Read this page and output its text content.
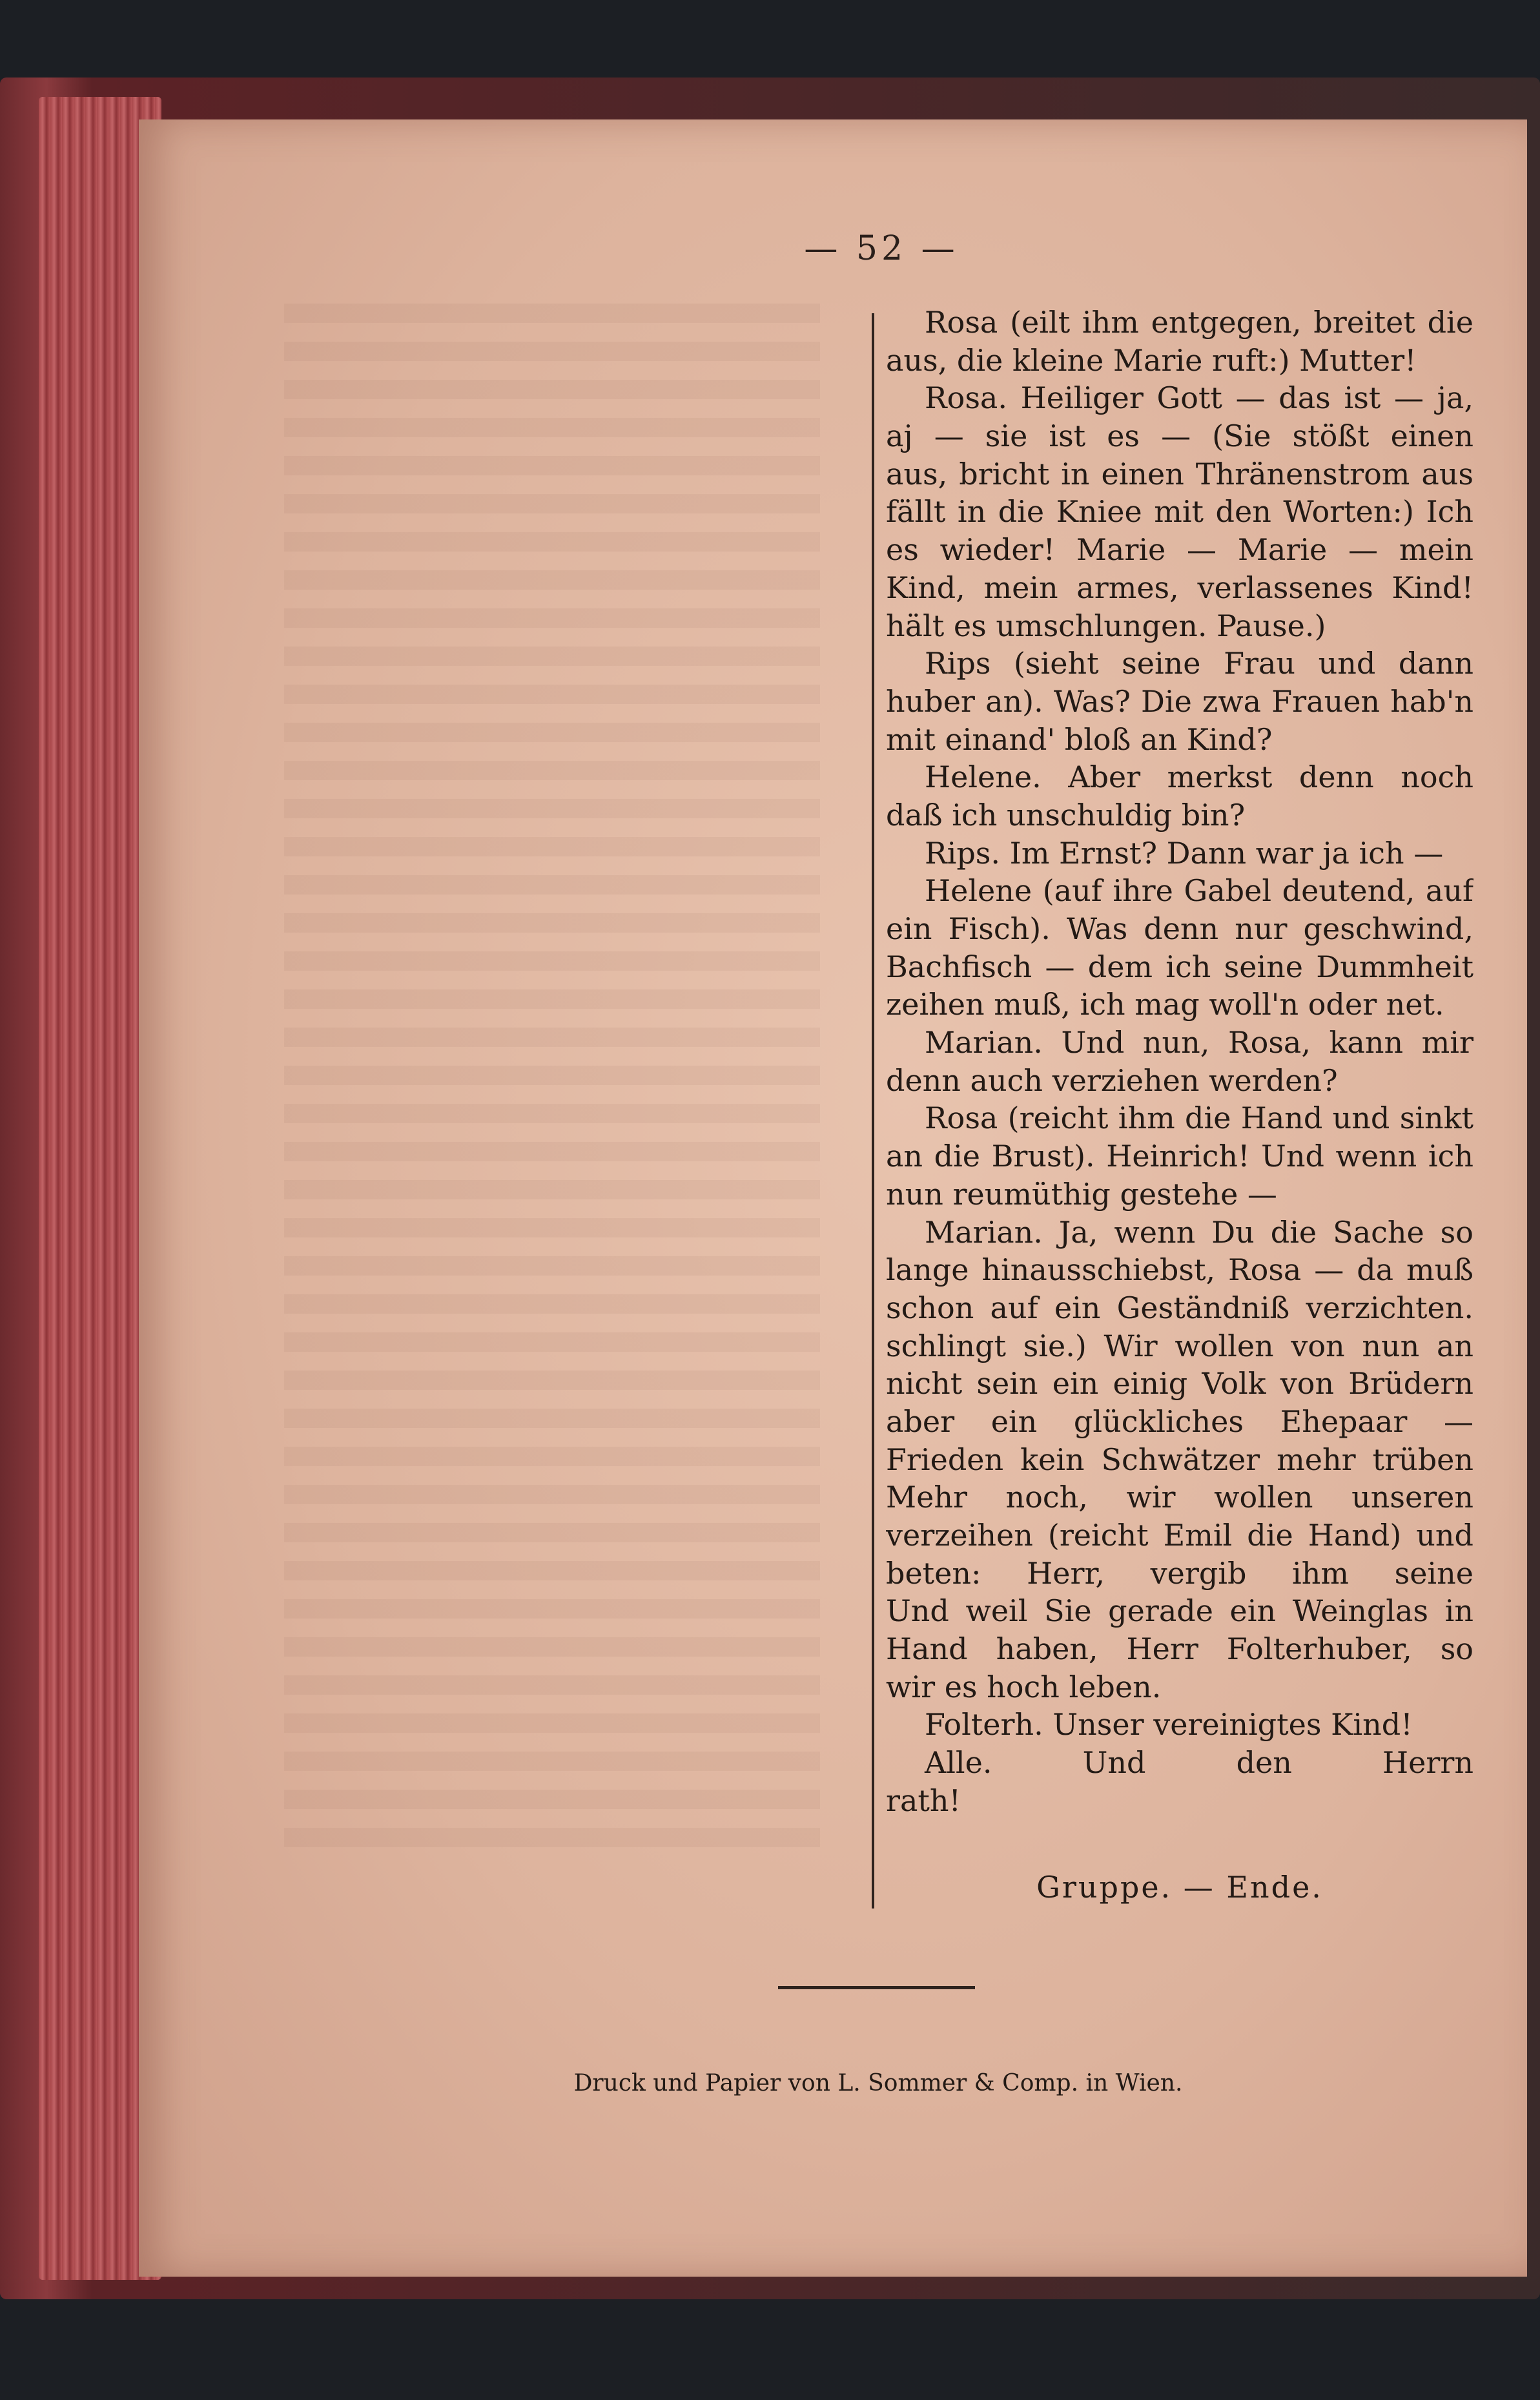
— 52 —
Rosa (eilt ihm entgegen, breitet die
aus, die kleine Marie ruft:) Mutter!
Rosa. Heiliger Gott — das ist — ja,
aj — sie ist es — (Sie stößt einen
aus, bricht in einen Thränenstrom aus
fällt in die Kniee mit den Worten:) Ich
es wieder! Marie — Marie — mein
Kind, mein armes, verlassenes Kind!
hält es umschlungen. Pause.)
Rips (sieht seine Frau und dann
huber an). Was? Die zwa Frauen hab'n
mit einand' bloß an Kind?
Helene. Aber merkst denn noch
daß ich unschuldig bin?
Rips. Im Ernst? Dann war ja ich —
Helene (auf ihre Gabel deutend, auf
ein Fisch). Was denn nur geschwind,
Bachfisch — dem ich seine Dummheit
zeihen muß, ich mag woll'n oder net.
Marian. Und nun, Rosa, kann mir
denn auch verziehen werden?
Rosa (reicht ihm die Hand und sinkt
an die Brust). Heinrich! Und wenn ich
nun reumüthig gestehe —
Marian. Ja, wenn Du die Sache so
lange hinausschiebst, Rosa — da muß
schon auf ein Geständniß verzichten.
schlingt sie.) Wir wollen von nun an
nicht sein ein einig Volk von Brüdern
aber ein glückliches Ehepaar —
Frieden kein Schwätzer mehr trüben
Mehr noch, wir wollen unseren
verzeihen (reicht Emil die Hand) und
beten: Herr, vergib ihm seine
Und weil Sie gerade ein Weinglas in
Hand haben, Herr Folterhuber, so
wir es hoch leben.
Folterh. Unser vereinigtes Kind!
Alle. Und den Herrn
rath!
Gruppe. — Ende.
Druck und Papier von L. Sommer & Comp. in Wien.
